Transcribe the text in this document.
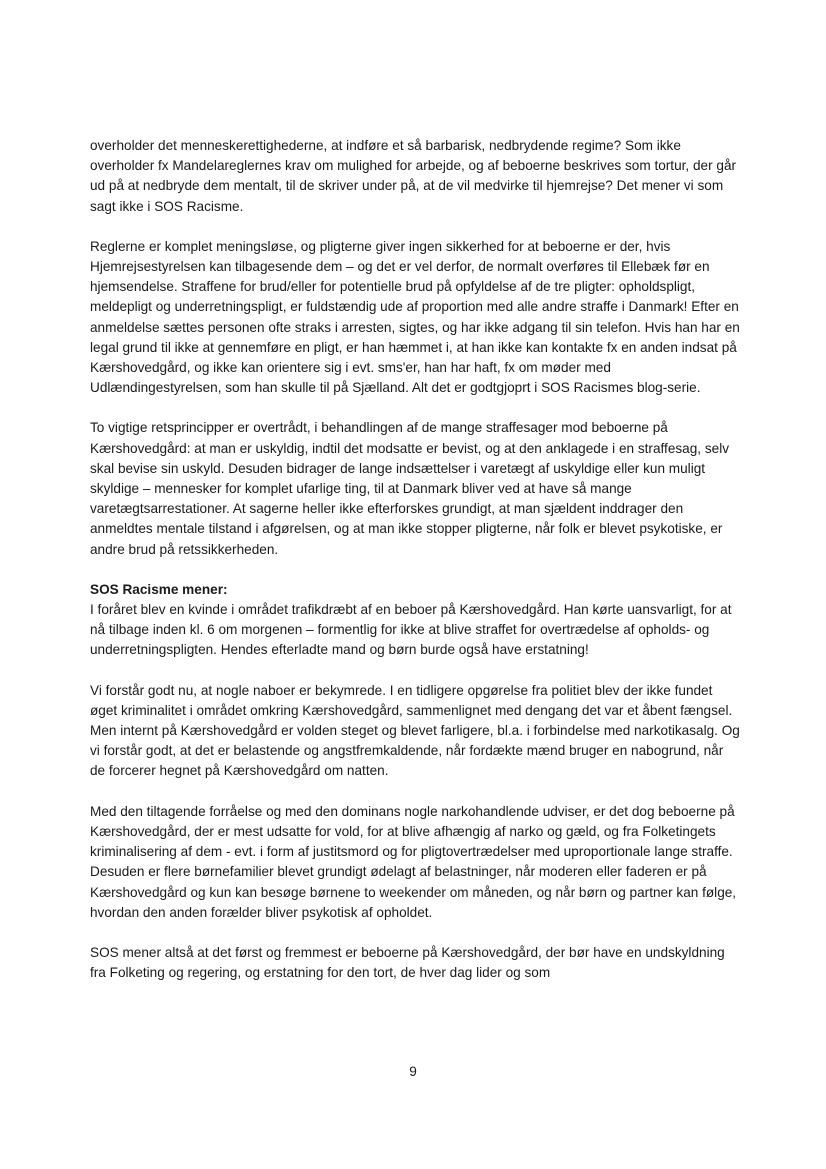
overholder det menneskerettighederne, at indføre et så barbarisk, nedbrydende regime? Som ikke overholder fx Mandelareglernes krav om mulighed for arbejde, og af beboerne beskrives som tortur, der går ud på at nedbryde dem mentalt, til de skriver under på, at de vil medvirke til hjemrejse? Det mener vi som sagt ikke i SOS Racisme.

Reglerne er komplet meningsløse, og pligterne giver ingen sikkerhed for at beboerne er der, hvis Hjemrejsestyrelsen kan tilbagesende dem – og det er vel derfor, de normalt overføres til Ellebæk før en hjemsendelse. Straffene for brud/eller for potentielle brud på opfyldelse af de tre pligter: opholdspligt, meldepligt og underretningspligt, er fuldstændig ude af proportion med alle andre straffe i Danmark! Efter en anmeldelse sættes personen ofte straks i arresten, sigtes, og har ikke adgang til sin telefon. Hvis han har en legal grund til ikke at gennemføre en pligt, er han hæmmet i, at han ikke kan kontakte fx en anden indsat på Kærshovedgård, og ikke kan orientere sig i evt. sms'er, han har haft, fx om møder med Udlændingestyrelsen, som han skulle til på Sjælland. Alt det er godtgjoprt i SOS Racismes blog-serie.

To vigtige retsprincipper er overtrådt, i behandlingen af de mange straffesager mod beboerne på Kærshovedgård: at man er uskyldig, indtil det modsatte er bevist, og at den anklagede i en straffesag, selv skal bevise sin uskyld. Desuden bidrager de lange indsættelser i varetægt af uskyldige eller kun muligt skyldige – mennesker for komplet ufarlige ting, til at Danmark bliver ved at have så mange varetægtsarrestationer. At sagerne heller ikke efterforskes grundigt, at man sjældent inddrager den anmeldtes mentale tilstand i afgørelsen, og at man ikke stopper pligterne, når folk er blevet psykotiske, er andre brud på retssikkerheden.

SOS Racisme mener:

I foråret blev en kvinde i området trafikdræbt af en beboer på Kærshovedgård. Han kørte uansvarligt, for at nå tilbage inden kl. 6 om morgenen – formentlig for ikke at blive straffet for overtrædelse af opholds- og underretningspligten. Hendes efterladte mand og børn burde også have erstatning!

Vi forstår godt nu, at nogle naboer er bekymrede. I en tidligere opgørelse fra politiet blev der ikke fundet øget kriminalitet i området omkring Kærshovedgård, sammenlignet med dengang det var et åbent fængsel. Men internt på Kærshovedgård er volden steget og blevet farligere, bl.a. i forbindelse med narkotikasalg. Og vi forstår godt, at det er belastende og angstfremkaldende, når fordækte mænd bruger en nabogrund, når de forcerer hegnet på Kærshovedgård om natten.

Med den tiltagende forråelse og med den dominans nogle narkohandlende udviser, er det dog beboerne på Kærshovedgård, der er mest udsatte for vold, for at blive afhængig af narko og gæld, og fra Folketingets kriminalisering af dem - evt. i form af justitsmord og for pligtovertrædelser med uproportionale lange straffe. Desuden er flere børnefamilier blevet grundigt ødelagt af belastninger, når moderen eller faderen er på Kærshovedgård og kun kan besøge børnene to weekender om måneden, og når børn og partner kan følge, hvordan den anden forælder bliver psykotisk af opholdet.

SOS mener altså at det først og fremmest er beboerne på Kærshovedgård, der bør have en undskyldning fra Folketing og regering, og erstatning for den tort, de hver dag lider og som

9
